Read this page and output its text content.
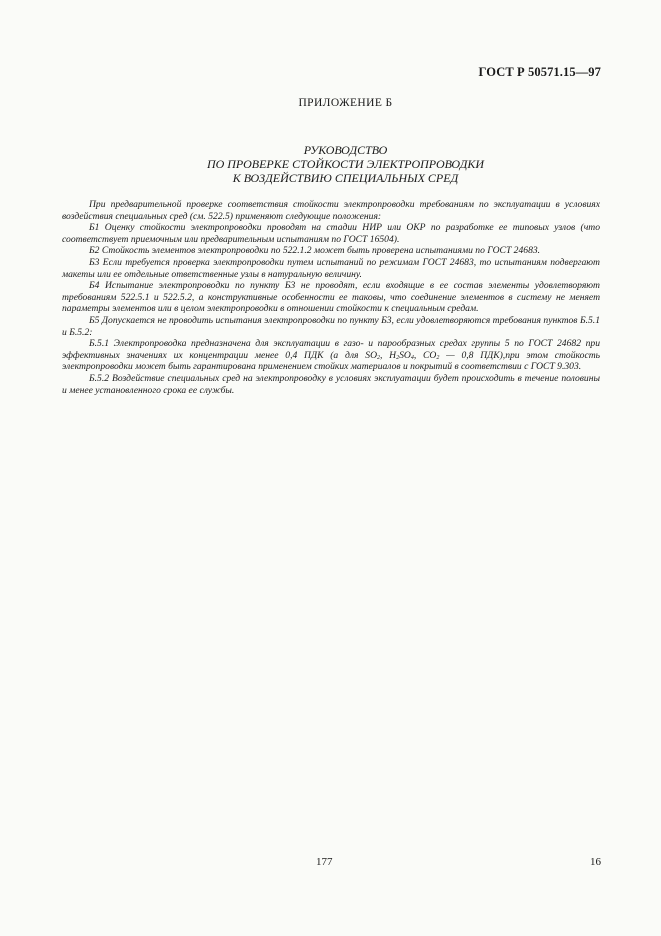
ГОСТ Р 50571.15—97
ПРИЛОЖЕНИЕ Б
РУКОВОДСТВО
ПО ПРОВЕРКЕ СТОЙКОСТИ ЭЛЕКТРОПРОВОДКИ
К ВОЗДЕЙСТВИЮ СПЕЦИАЛЬНЫХ СРЕД

При предварительной проверке соответствия стойкости электропроводки требованиям по эксплуатации в условиях воздействия специальных сред (см. 522.5) применяют следующие положения:

Б1 Оценку стойкости электропроводки проводят на стадии НИР или ОКР по разработке ее типовых узлов (что соответствует приемочным или предварительным испытаниям по ГОСТ 16504).

Б2 Стойкость элементов электропроводки по 522.1.2 может быть проверена испытаниями по ГОСТ 24683.

Б3 Если требуется проверка электропроводки путем испытаний по режимам ГОСТ 24683, то испытаниям подвергают макеты или ее отдельные ответственные узлы в натуральную величину.

Б4 Испытание электропроводки по пункту Б3 не проводят, если входящие в ее состав элементы удовлетворяют требованиям 522.5.1 и 522.5.2, а конструктивные особенности ее таковы, что соединение элементов в систему не меняет параметры элементов или в целом электропроводки в отношении стойкости к специальным средам.

Б5 Допускается не проводить испытания электропроводки по пункту Б3, если удовлетворяются требования пунктов Б.5.1 и Б.5.2:

Б.5.1 Электропроводка предназначена для эксплуатации в газо- и парообразных средах группы 5 по ГОСТ 24682 при эффективных значениях их концентрации менее 0,4 ПДК (а для $SO_2$, $H_2SO_4$, $CO_2$ — 0,8 ПДК),при этом стойкость электропроводки может быть гарантирована применением стойких материалов и покрытий в соответствии с ГОСТ 9.303.

Б.5.2 Воздействие специальных сред на электропроводку в условиях эксплуатации будет происходить в течение половины и менее установленного срока ее службы.

177	16
